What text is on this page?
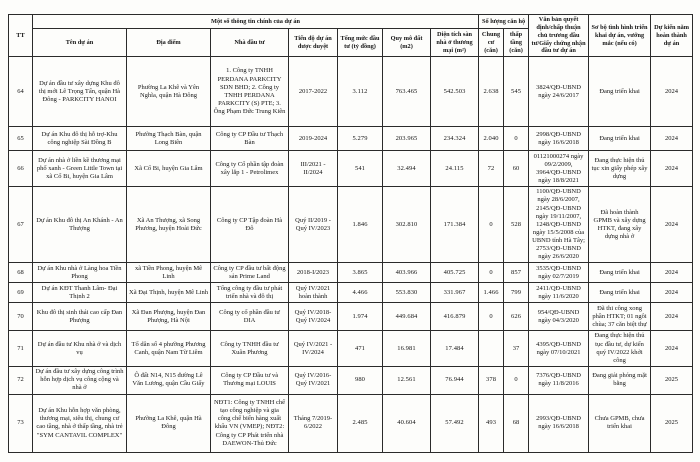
TT	Một số thông tin chính của dự án							Số lượng căn hộ		Văn bản quyết định/chấp thuận chủ trương đầu tư/Giấy chứng nhận đầu tư dự án	Sơ bộ tình hình triển khai dự án, vướng mắc (nếu có)	Dự kiến năm hoàn thành dự án
	Tên dự án	Địa điểm	Nhà đầu tư	Tiến độ dự án được duyệt	Tổng mức đầu tư (tỷ đồng)	Quy mô đất (m2)	Diện tích sàn nhà ở thương mại (m²)	Chung cư (căn)	thấp tầng (căn)			
64	Dự án đầu tư xây dựng Khu đô thị mới Lê Trọng Tấn, quận Hà Đông - PARKCITY HANOI	Phường La Khê và Yên Nghĩa, quận Hà Đông	1. Công ty TNHH PERDANA PARKCITY SDN BHD; 2. Công ty TNHH PERDANA PARKCITY (S) PTE; 3. Ông Phạm Đức Trung Kiên	2017-2022	3.112	763.465	542.503	2.638	545	3824/QĐ-UBND ngày 24/6/2017	Đang triển khai	2024
65	Dự án Khu đô thị hỗ trợ-Khu công nghiệp Sài Đồng B	Phường Thạch Bàn, quận Long Biên	Công ty CP Đầu tư Thạch Bàn	2019-2024	5.279	203.965	234.324	2.040	0	2998/QĐ-UBND ngày 16/6/2018	Đang triển khai	2024
66	Dự án nhà ở liền kề thương mại phố xanh - Green Little Town tại xã Cổ Bi, huyện Gia Lâm	Xã Cổ Bi, huyện Gia Lâm	Công ty Cổ phần tập đoàn xây lắp 1 - Petrolimex	III/2021 - II/2024	541	32.494	24.115	72	60	01121000274 ngày 09/2/2009, 3964/QĐ-UBND ngày 18/8/2021	Đang thực hiện thủ tục xin giấy phép xây dựng	2024
67	Dự án Khu đô thị An Khánh - An Thượng	Xã An Thượng, xã Song Phương, huyện Hoài Đức	Công ty CP Tập đoàn Hà Đô	Quý II/2019 - Quý IV/2023	1.846	302.810	171.384	0	528	1100/QĐ-UBND ngày 28/6/2007, 2145/QĐ-UBND ngày 19/11/2007, 1248/QĐ-UBND ngày 15/5/2008 của UBND tỉnh Hà Tây; 2753/QĐ-UBND ngày 26/6/2020	Đã hoàn thành GPMB và xây dựng HTKT, đang xây dựng nhà ở	2024
68	Dự án Khu nhà ở Làng hoa Tiền Phong	xã Tiền Phong, huyện Mê Linh	Công ty CP đầu tư bất động sản Prime Land	2018-I/2023	3.865	403.966	405.725	0	857	3535/QĐ-UBND ngày 02/7/2019	Đang triển khai	2024
69	Dự án KĐT Thanh Lâm- Đại Thịnh 2	Xã Đại Thịnh, huyện Mê Linh	Tổng công ty đầu tư phát triển nhà và đô thị	Quý IV/2021 hoàn thành	4.466	553.830	331.967	1.466	799	2411/QĐ-UBND ngày 11/6/2020	Đang triển khai	2024
70	Khu đô thị sinh thái cao cấp Đan Phượng	Xã Đan Phượng, huyện Đan Phượng, Hà Nội	Công ty cổ phần đầu tư DIA	Quý IV/2018- Quý IV/2024	1.974	449.684	416.879	0	626	954/QĐ-UBND ngày 04/3/2020	Đã thi công xong phần HTKT; 01 ngôi chùa; 37 căn biệt thự	2024
71	Dự án đầu tư Khu nhà ở và dịch vụ	Tổ dân số 4 phường Phương Canh, quận Nam Từ Liêm	Công ty TNHH đầu tư Xuân Phương	Quý IV/2021 - IV/2024	471	16.981	17.484		37	4395/QĐ-UBND ngày 07/10/2021	Đang thực hiện thủ tục đầu tư, dự kiến quý IV/2022 khởi công	2024
72	Dự án đầu tư xây dựng công trình hỗn hợp dịch vụ công cộng và nhà ở	Ô đất N14, N15 đường Lê Văn Lương, quận Cầu Giấy	Công ty CP Đầu tư và Thương mại LOUIS	Quý IV/2016- Quý IV/2021	980	12.561	76.944	378	0	7376/QĐ-UBND ngày 11/8/2016	Đang giải phóng mặt bằng	2025
73	Dự án Khu hỗn hợp văn phòng, thương mại, siêu thị, chung cư cao tầng, nhà ở thấp tầng, nhà trẻ "SYM CANTAVIL COMPLEX"	Phường La Khê, quận Hà Đông	NĐT1: Công ty TNHH chế tạo công nghiệp và gia công chế biến hàng xuất khẩu VN (VMEP); NĐT2: Công ty CP Phát triển nhà DAEWON-Thủ Đức	Tháng 7/2019- 6/2022	2.485	40.604	57.492	493	68	2993/QĐ-UBND ngày 16/6/2018	Chưa GPMB, chưa triển khai	2025
